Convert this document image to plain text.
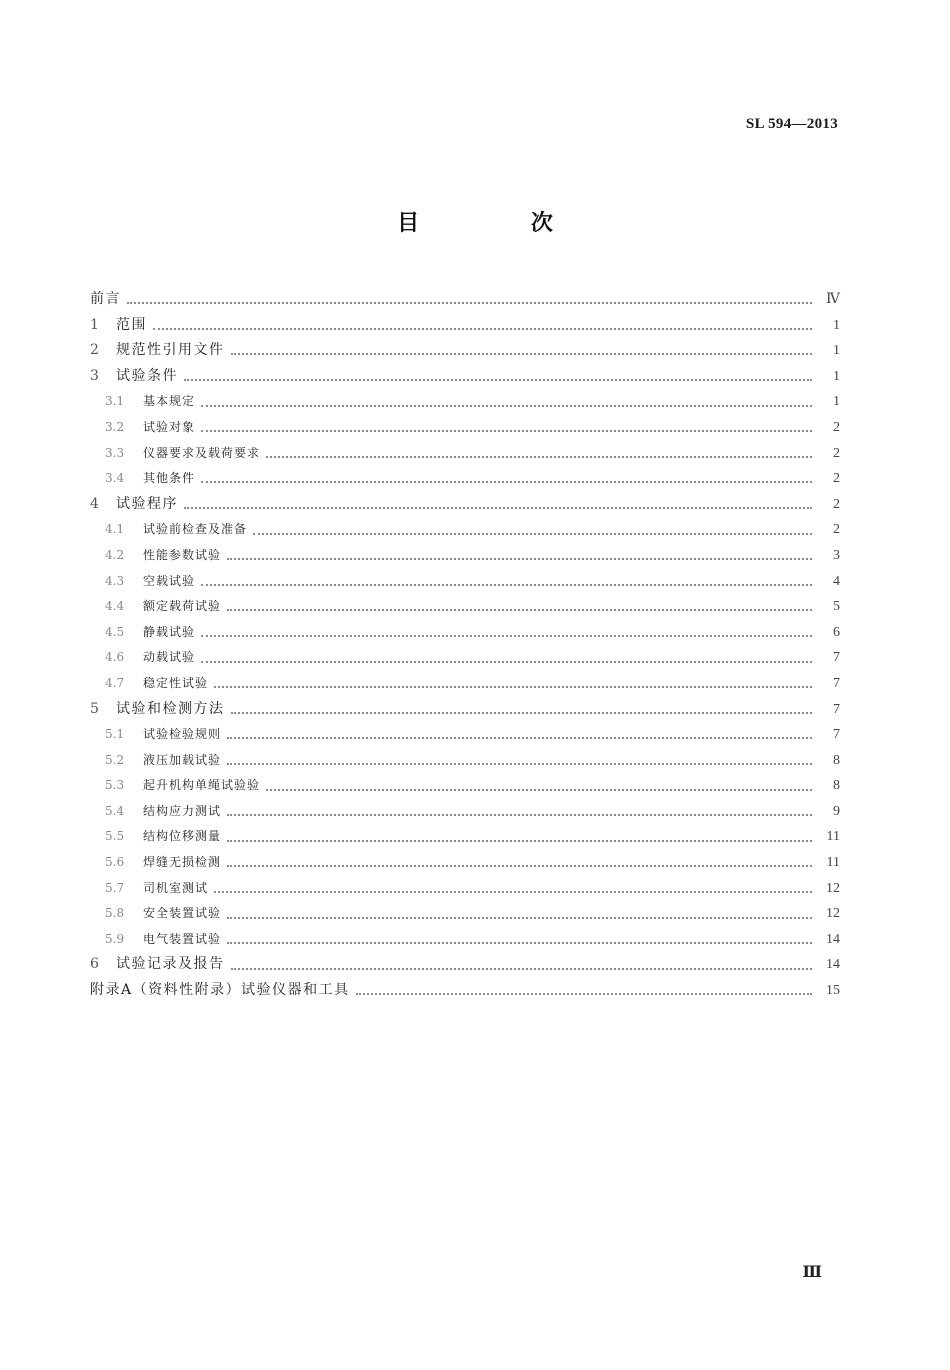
SL 594—2013
目 次
前言	Ⅳ
1	范围	1
2	规范性引用文件	1
3	试验条件	1
3.1	基本规定	1
3.2	试验对象	2
3.3	仪器要求及载荷要求	2
3.4	其他条件	2
4	试验程序	2
4.1	试验前检查及准备	2
4.2	性能参数试验	3
4.3	空载试验	4
4.4	额定载荷试验	5
4.5	静载试验	6
4.6	动载试验	7
4.7	稳定性试验	7
5	试验和检测方法	7
5.1	试验检验规则	7
5.2	液压加载试验	8
5.3	起升机构单绳试验验	8
5.4	结构应力测试	9
5.5	结构位移测量	11
5.6	焊缝无损检测	11
5.7	司机室测试	12
5.8	安全装置试验	12
5.9	电气装置试验	14
6	试验记录及报告	14
附录A（资料性附录）试验仪器和工具	15
Ⅲ
